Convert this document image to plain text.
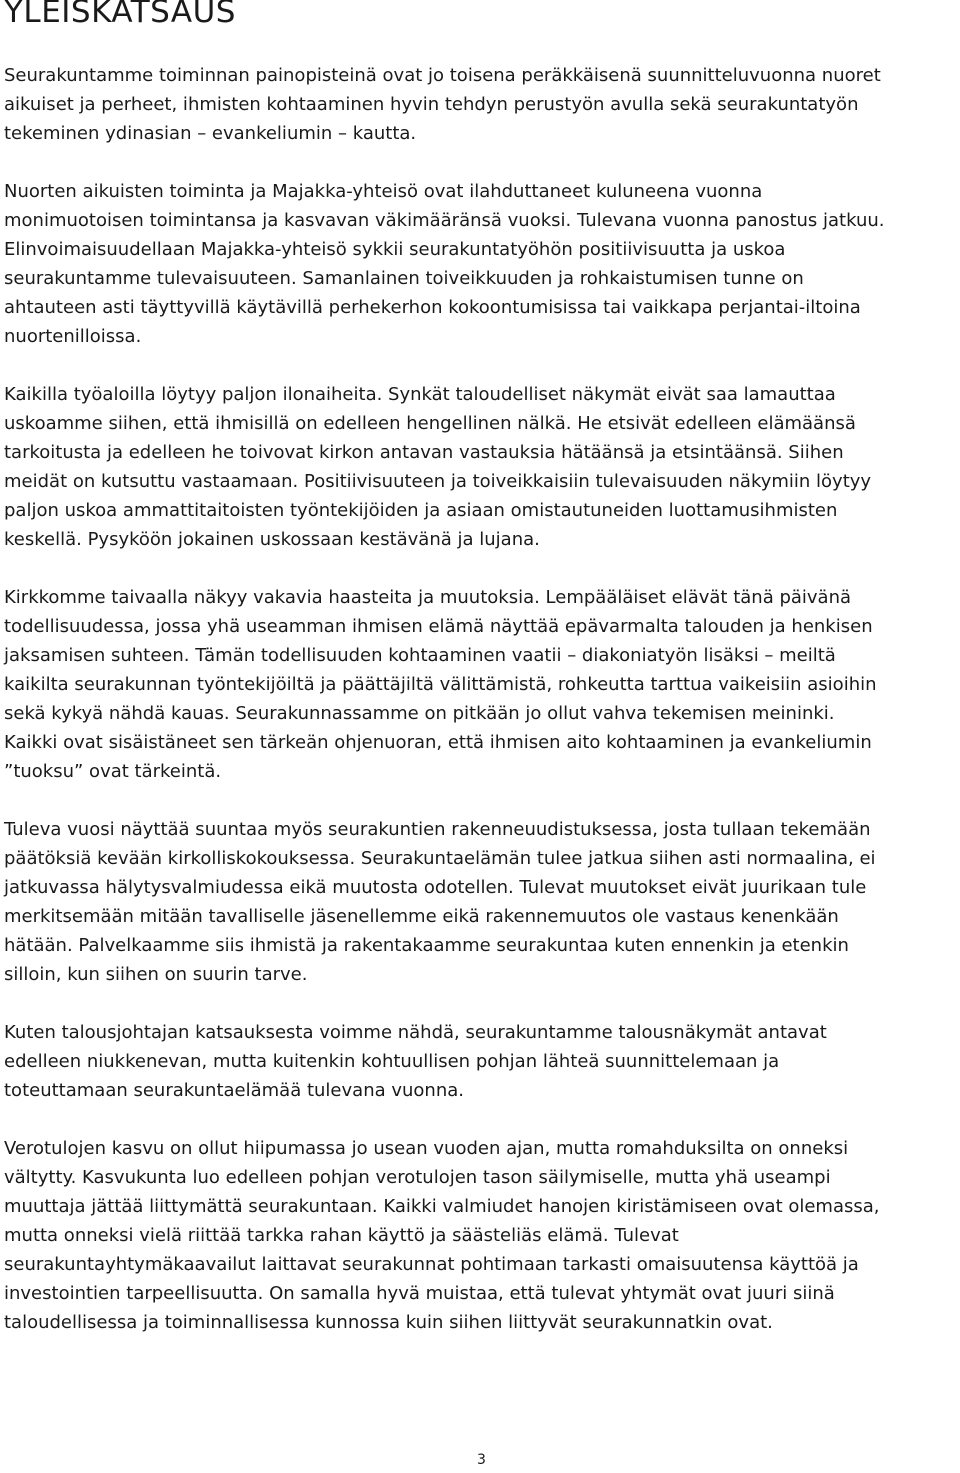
YLEISKATSAUS

Seurakuntamme toiminnan painopisteinä ovat jo toisena peräkkäisenä suunnitteluvuonna nuoret
aikuiset ja perheet, ihmisten kohtaaminen hyvin tehdyn perustyön avulla sekä seurakuntatyön
tekeminen ydinasian – evankeliumin – kautta.

Nuorten aikuisten toiminta ja Majakka-yhteisö ovat ilahduttaneet kuluneena vuonna
monimuotoisen toimintansa ja kasvavan väkimääränsä vuoksi. Tulevana vuonna panostus jatkuu.
Elinvoimaisuudellaan Majakka-yhteisö sykkii seurakuntatyöhön positiivisuutta ja uskoa
seurakuntamme tulevaisuuteen. Samanlainen toiveikkuuden ja rohkaistumisen tunne on
ahtauteen asti täyttyvillä käytävillä perhekerhon kokoontumisissa tai vaikkapa perjantai-iltoina
nuortenilloissa.

Kaikilla työaloilla löytyy paljon ilonaiheita. Synkät taloudelliset näkymät eivät saa lamauttaa
uskoamme siihen, että ihmisillä on edelleen hengellinen nälkä. He etsivät edelleen elämäänsä
tarkoitusta ja edelleen he toivovat kirkon antavan vastauksia hätäänsä ja etsintäänsä. Siihen
meidät on kutsuttu vastaamaan. Positiivisuuteen ja toiveikkaisiin tulevaisuuden näkymiin löytyy
paljon uskoa ammattitaitoisten työntekijöiden ja asiaan omistautuneiden luottamusihmisten
keskellä. Pysyköön jokainen uskossaan kestävänä ja lujana.

Kirkkomme taivaalla näkyy vakavia haasteita ja muutoksia. Lempääläiset elävät tänä päivänä
todellisuudessa, jossa yhä useamman ihmisen elämä näyttää epävarmalta talouden ja henkisen
jaksamisen suhteen. Tämän todellisuuden kohtaaminen vaatii – diakoniatyön lisäksi – meiltä
kaikilta seurakunnan työntekijöiltä ja päättäjiltä välittämistä, rohkeutta tarttua vaikeisiin asioihin
sekä kykyä nähdä kauas. Seurakunnassamme on pitkään jo ollut vahva tekemisen meininki.
Kaikki ovat sisäistäneet sen tärkeän ohjenuoran, että ihmisen aito kohtaaminen ja evankeliumin
”tuoksu” ovat tärkeintä.

Tuleva vuosi näyttää suuntaa myös seurakuntien rakenneuudistuksessa, josta tullaan tekemään
päätöksiä kevään kirkolliskokouksessa. Seurakuntaelämän tulee jatkua siihen asti normaalina, ei
jatkuvassa hälytysvalmiudessa eikä muutosta odotellen. Tulevat muutokset eivät juurikaan tule
merkitsemään mitään tavalliselle jäsenellemme eikä rakennemuutos ole vastaus kenenkään
hätään. Palvelkaamme siis ihmistä ja rakentakaamme seurakuntaa kuten ennenkin ja etenkin
silloin, kun siihen on suurin tarve.

Kuten talousjohtajan katsauksesta voimme nähdä, seurakuntamme talousnäkymät antavat
edelleen niukkenevan, mutta kuitenkin kohtuullisen pohjan lähteä suunnittelemaan ja
toteuttamaan seurakuntaelämää tulevana vuonna.

Verotulojen kasvu on ollut hiipumassa jo usean vuoden ajan, mutta romahduksilta on onneksi
vältytty. Kasvukunta luo edelleen pohjan verotulojen tason säilymiselle, mutta yhä useampi
muuttaja jättää liittymättä seurakuntaan. Kaikki valmiudet hanojen kiristämiseen ovat olemassa,
mutta onneksi vielä riittää tarkka rahan käyttö ja säästeliäs elämä. Tulevat
seurakuntayhtymäkaavailut laittavat seurakunnat pohtimaan tarkasti omaisuutensa käyttöä ja
investointien tarpeellisuutta. On samalla hyvä muistaa, että tulevat yhtymät ovat juuri siinä
taloudellisessa ja toiminnallisessa kunnossa kuin siihen liittyvät seurakunnatkin ovat.

3
